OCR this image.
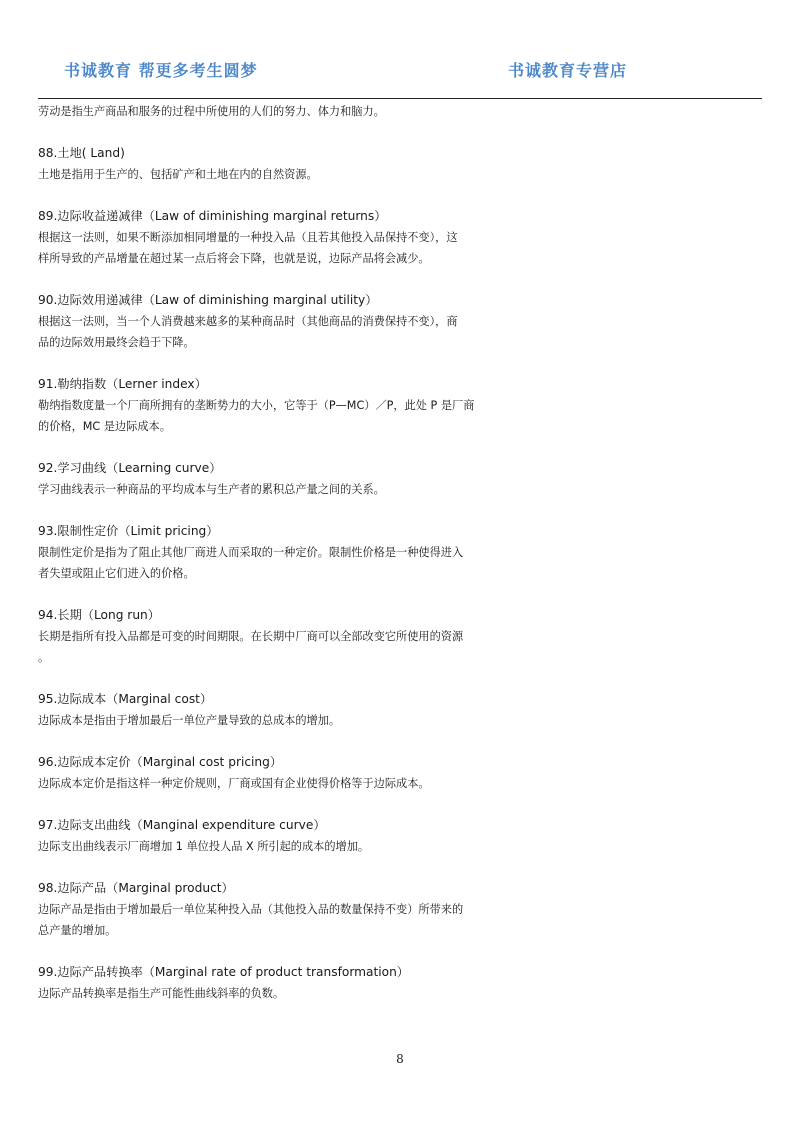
书诚教育 帮更多考生圆梦	书诚教育专营店

劳动是指生产商品和服务的过程中所使用的人们的努力、体力和脑力。

88.土地( Land)

土地是指用于生产的、包括矿产和土地在内的自然资源。

89.边际收益递减律（Law of diminishing marginal returns）

根据这一法则，如果不断添加相同增量的一种投入品（且若其他投入品保持不变），这

样所导致的产品增量在超过某一点后将会下降，也就是说，边际产品将会减少。

90.边际效用递减律（Law of diminishing marginal utility）

根据这一法则，当一个人消费越来越多的某种商品时（其他商品的消费保持不变），商

品的边际效用最终会趋于下降。

91.勒纳指数（Lerner index）

勒纳指数度量一个厂商所拥有的垄断势力的大小，它等于（P—MC）／P，此处 P 是厂商

的价格，MC 是边际成本。

92.学习曲线（Learning curve）

学习曲线表示一种商品的平均成本与生产者的累积总产量之间的关系。

93.限制性定价（Limit pricing）

限制性定价是指为了阻止其他厂商进人而采取的一种定价。限制性价格是一种使得进入

者失望或阻止它们进入的价格。

94.长期（Long run）

长期是指所有投入品都是可变的时间期限。在长期中厂商可以全部改变它所使用的资源

。

95.边际成本（Marginal cost）

边际成本是指由于增加最后一单位产量导致的总成本的增加。

96.边际成本定价（Marginal cost pricing）

边际成本定价是指这样一种定价规则，厂商或国有企业使得价格等于边际成本。

97.边际支出曲线（Manginal expenditure curve）

边际支出曲线表示厂商增加 1 单位投人品 X 所引起的成本的增加。

98.边际产品（Marginal product）

边际产品是指由于增加最后一单位某种投入品（其他投入品的数量保持不变）所带来的

总产量的增加。

99.边际产品转换率（Marginal rate of product transformation）

边际产品转换率是指生产可能性曲线斜率的负数。

8
